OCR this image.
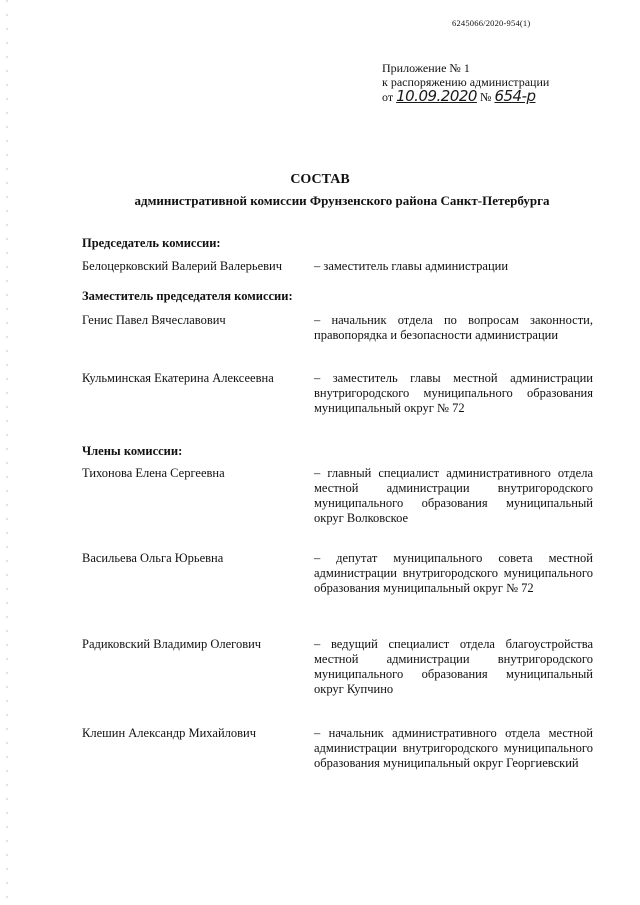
6245066/2020-954(1)
Приложение № 1
к распоряжению администрации
от 10.09.2020 № 654-р
СОСТАВ
административной комиссии Фрунзенского района Санкт-Петербурга
Председатель комиссии:
Белоцерковский Валерий Валерьевич	– заместитель главы администрации
Заместитель председателя комиссии:
Генис Павел Вячеславович	– начальник отдела по вопросам законности, правопорядка и безопасности администрации
Кульминская Екатерина Алексеевна	– заместитель главы местной администрации внутригородского муниципального образования муниципальный округ № 72
Члены комиссии:
Тихонова Елена Сергеевна	– главный специалист административного отдела местной администрации внутригородского муниципального образования муниципальный округ Волковское
Васильева Ольга Юрьевна	– депутат муниципального совета местной администрации внутригородского муниципального образования муниципальный округ № 72
Радиковский Владимир Олегович	– ведущий специалист отдела благоустройства местной администрации внутригородского муниципального образования муниципальный округ Купчино
Клешин Александр Михайлович	– начальник административного отдела местной администрации внутригородского муниципального образования муниципальный округ Георгиевский
